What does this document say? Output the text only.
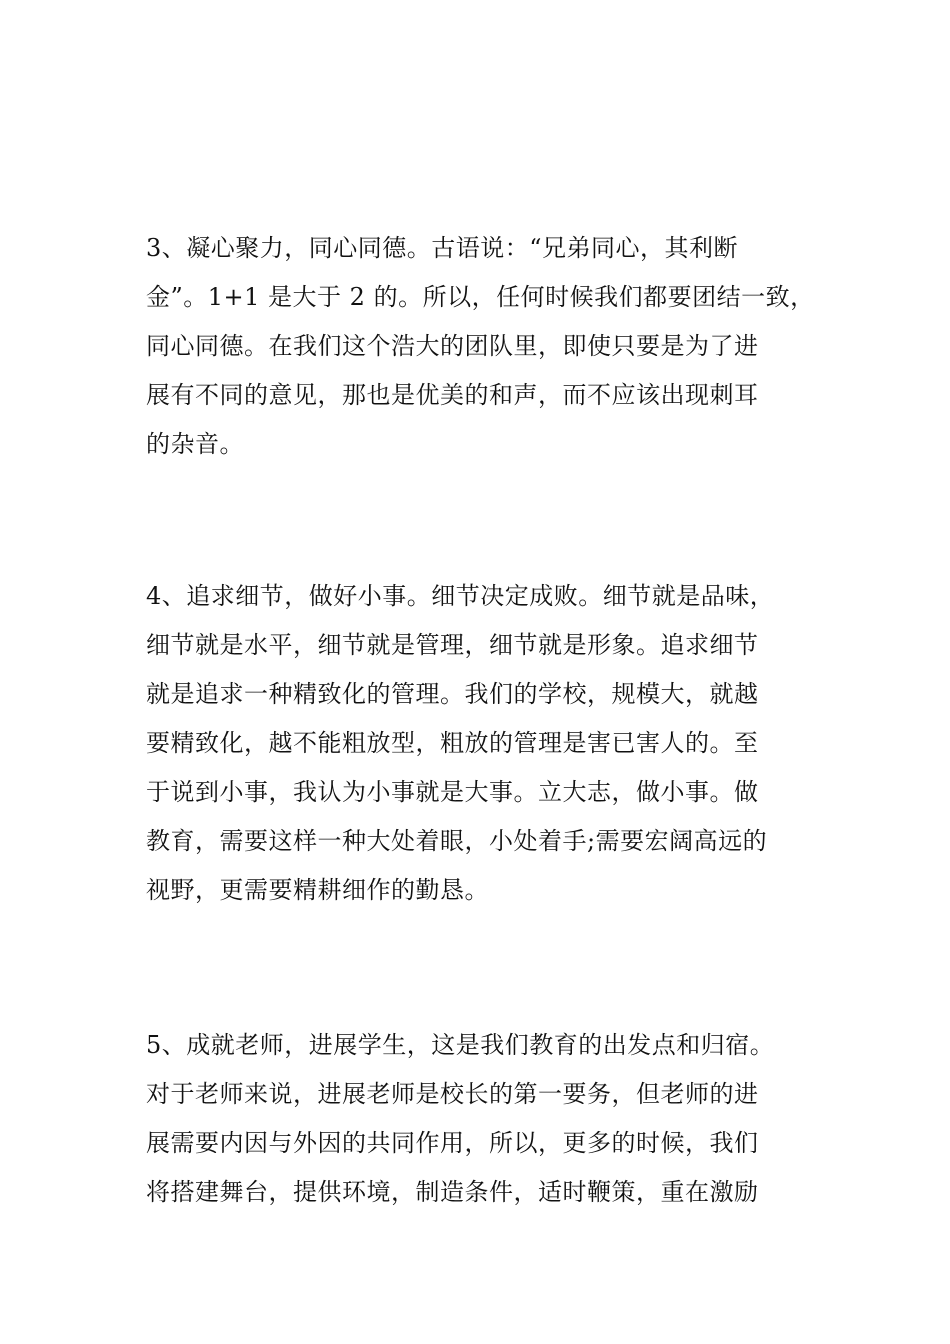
3、凝心聚力，同心同德。古语说：“兄弟同心，其利断
金”。1+1 是大于 2 的。所以，任何时候我们都要团结一致，
同心同德。在我们这个浩大的团队里，即使只要是为了进
展有不同的意见，那也是优美的和声，而不应该出现刺耳
的杂音。
4、追求细节，做好小事。细节决定成败。细节就是品味，
细节就是水平，细节就是管理，细节就是形象。追求细节
就是追求一种精致化的管理。我们的学校，规模大，就越
要精致化，越不能粗放型，粗放的管理是害已害人的。至
于说到小事，我认为小事就是大事。立大志，做小事。做
教育，需要这样一种大处着眼，小处着手;需要宏阔高远的
视野，更需要精耕细作的勤恳。
5、成就老师，进展学生，这是我们教育的出发点和归宿。
对于老师来说，进展老师是校长的第一要务，但老师的进
展需要内因与外因的共同作用，所以，更多的时候，我们
将搭建舞台，提供环境，制造条件，适时鞭策，重在激励
